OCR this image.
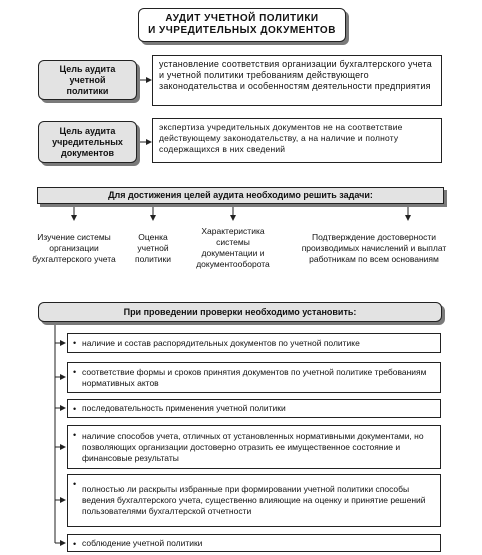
АУДИТ УЧЕТНОЙ ПОЛИТИКИ
И УЧРЕДИТЕЛЬНЫХ ДОКУМЕНТОВ
Цель аудита учетной политики
установление соответствия организации бухгалтерского учета и учетной политики требованиям действующего законодательства и особенностям деятельности предприятия
Цель аудита учредительных документов
экспертиза учредительных документов не на соответствие действующему законодательству, а на наличие и полноту содержащихся в них сведений
Для достижения целей аудита необходимо решить задачи:
Изучение системы организации бухгалтерского учета
Оценка учетной политики
Характеристика системы документации и документооборота
Подтверждение достоверности производимых начислений и выплат работникам по всем основаниям
При проведении проверки необходимо установить:
• наличие и состав распорядительных документов по учетной политике
• соответствие формы и сроков принятия документов по учетной политике требованиям нормативных актов
• последовательность применения учетной политики
• наличие способов учета, отличных от установленных нормативными документами, но позволяющих организации достоверно отразить ее имущественное состояние и финансовые результаты
• полностью ли раскрыты избранные при формировании учетной политики способы ведения бухгалтерского учета, существенно влияющие на оценку и принятие решений пользователями бухгалтерской отчетности
• соблюдение учетной политики
